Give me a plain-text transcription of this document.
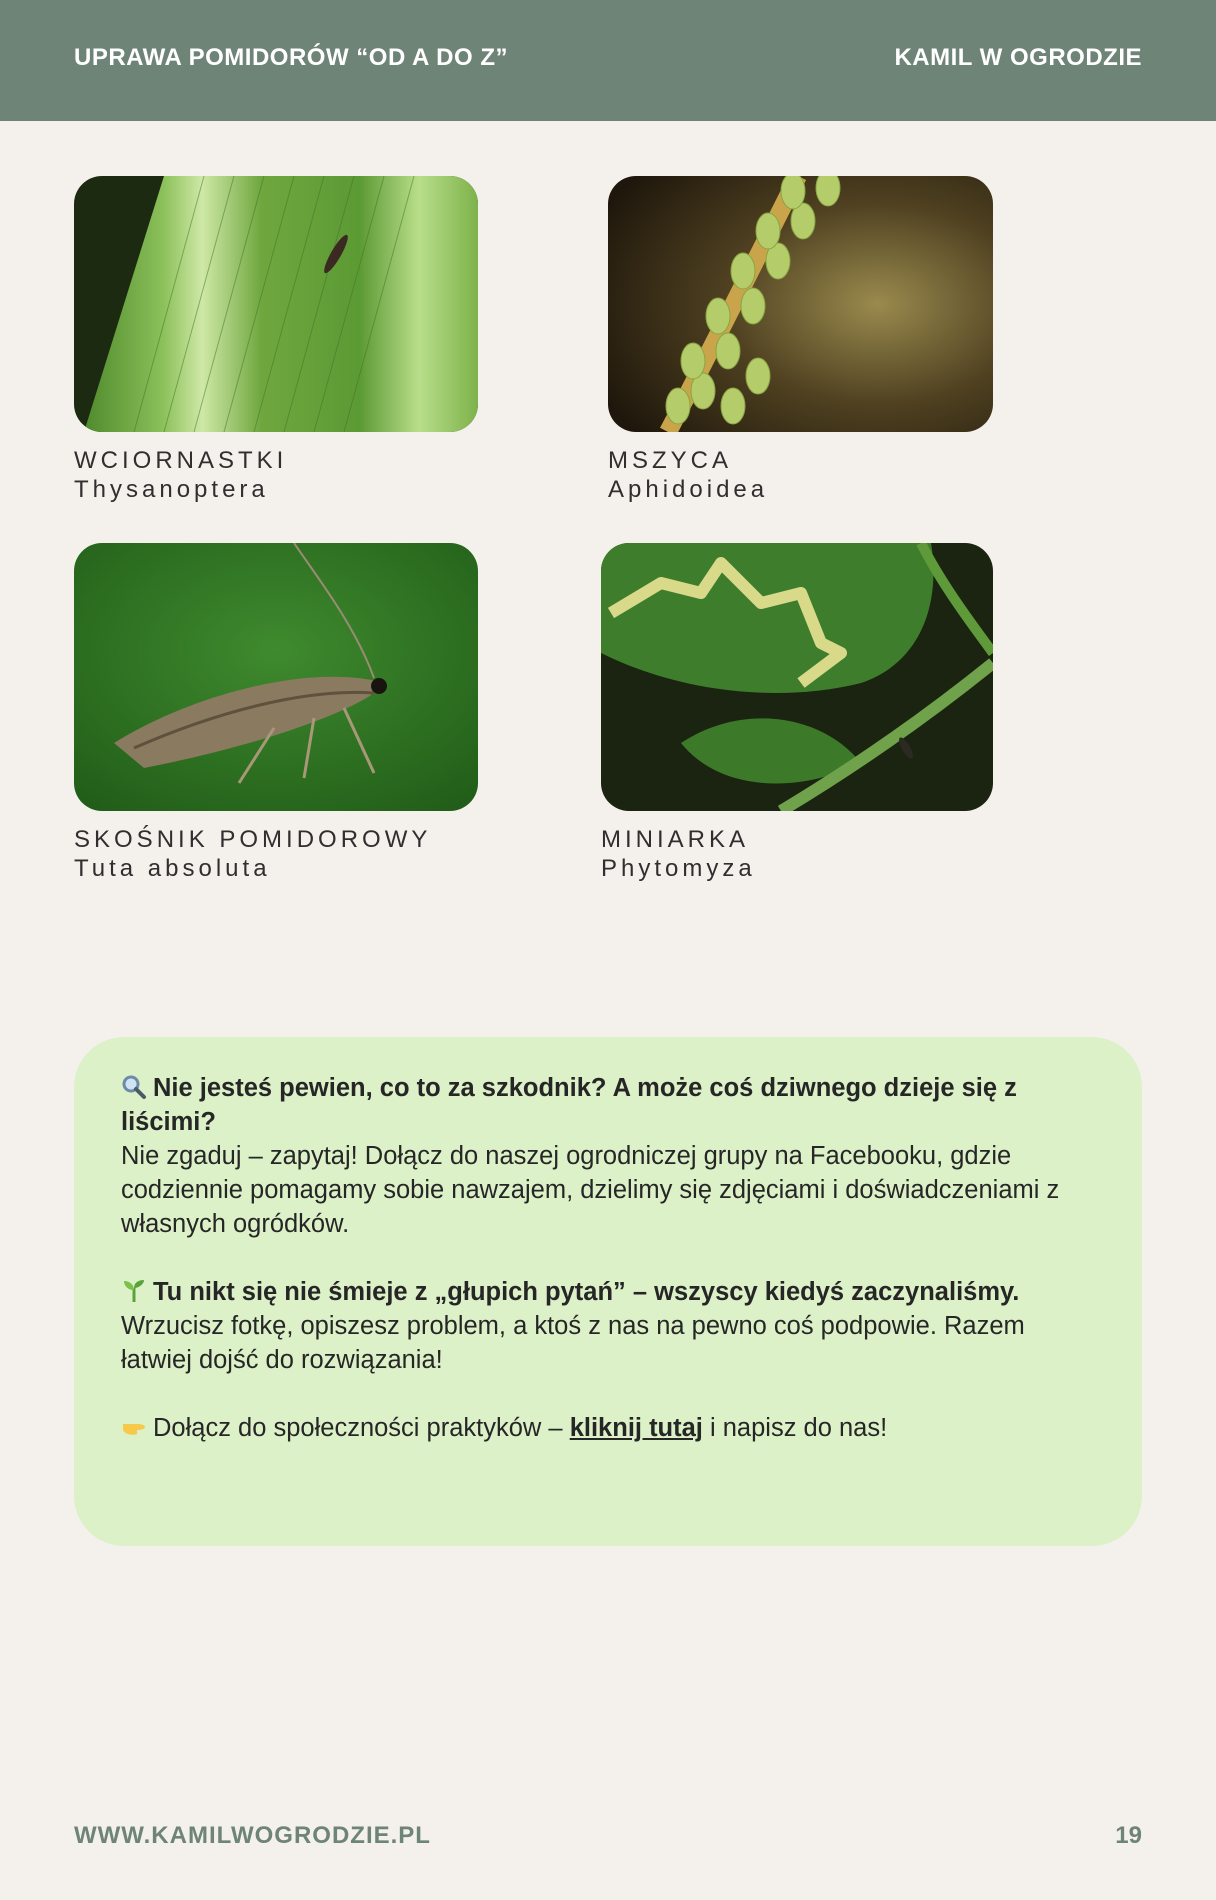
UPRAWA POMIDORÓW “OD A DO Z”	KAMIL W OGRODZIE
WCIORNASTKI
Thysanoptera
MSZYCA
Aphidoidea
SKOŚNIK POMIDOROWY
Tuta absoluta
MINIARKA
Phytomyza

Nie jesteś pewien, co to za szkodnik? A może coś dziwnego dzieje się z liścimi?
Nie zgaduj – zapytaj! Dołącz do naszej ogrodniczej grupy na Facebooku, gdzie codziennie pomagamy sobie nawzajem, dzielimy się zdjęciami i doświadczeniami z własnych ogródków.

Tu nikt się nie śmieje z „głupich pytań” – wszyscy kiedyś zaczynaliśmy.
Wrzucisz fotkę, opiszesz problem, a ktoś z nas na pewno coś podpowie. Razem łatwiej dojść do rozwiązania!

Dołącz do społeczności praktyków – kliknij tutaj i napisz do nas!

WWW.KAMILWOGRODZIE.PL	19
